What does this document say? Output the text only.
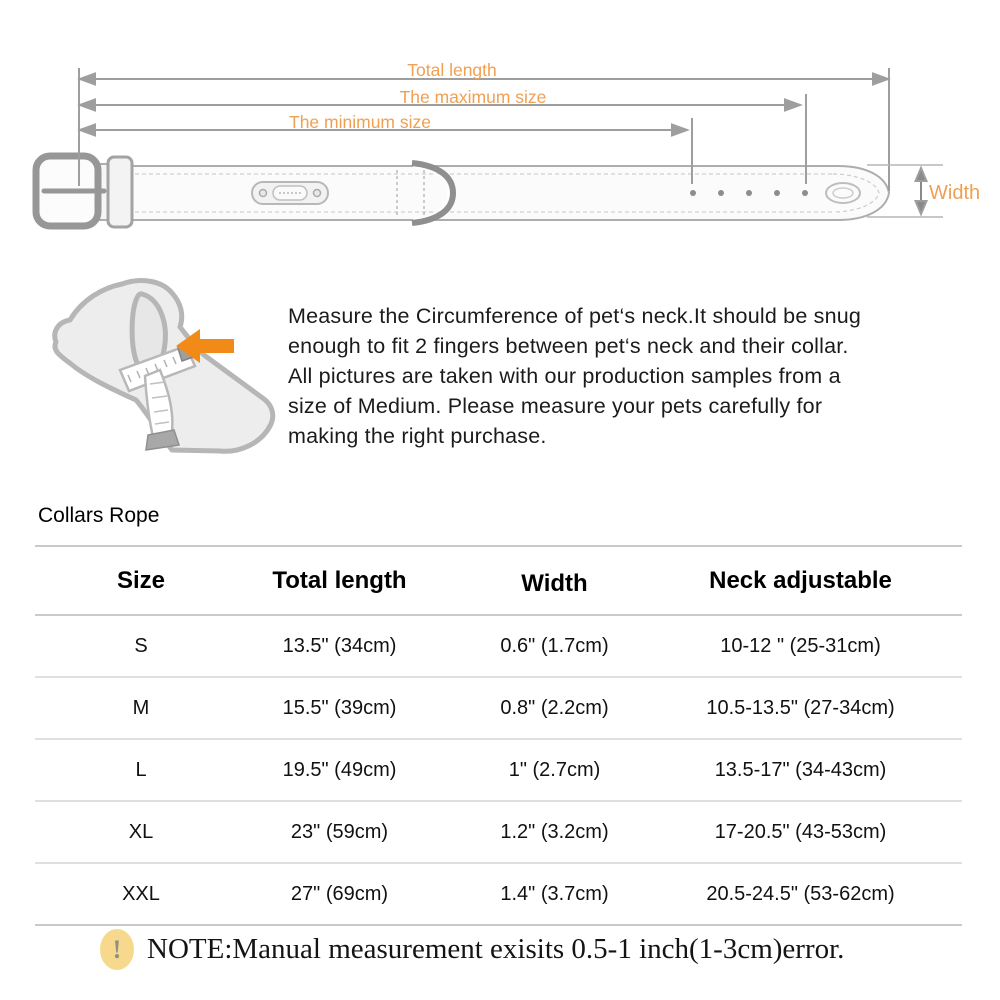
Total length
The maximum size
The minimum size
Width
Measure the Circumference of pet‘s neck.It should be snug
enough to fit 2 fingers between pet‘s neck and their collar.
All pictures are taken with our production samples from a
size of Medium. Please measure your pets carefully for
making the right purchase.
Collars Rope
Size	Total length	Width	Neck adjustable
S	13.5" (34cm)	0.6" (1.7cm)	10-12 " (25-31cm)
M	15.5" (39cm)	0.8" (2.2cm)	10.5-13.5" (27-34cm)
L	19.5" (49cm)	1" (2.7cm)	13.5-17" (34-43cm)
XL	23" (59cm)	1.2" (3.2cm)	17-20.5" (43-53cm)
XXL	27" (69cm)	1.4" (3.7cm)	20.5-24.5" (53-62cm)
! NOTE:Manual measurement exisits 0.5-1 inch(1-3cm)error.
